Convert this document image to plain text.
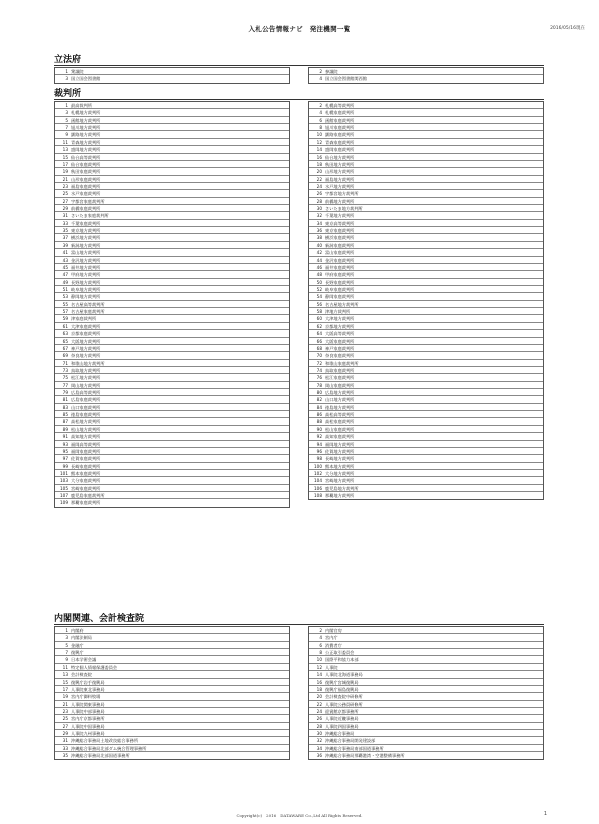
入札公告情報ナビ　発注機関一覧	2016/05/16現在
立法府
1 衆議院
3 国立国会図書館
2 参議院
4 国立国会図書館関西館
裁判所
1 最高裁判所
3 札幌地方裁判所
5 函館地方裁判所
7 旭川地方裁判所
9 釧路地方裁判所
11 青森地方裁判所
13 盛岡地方裁判所
15 仙台高等裁判所
17 仙台家庭裁判所
19 秋田家庭裁判所
21 山形家庭裁判所
23 福島家庭裁判所
25 水戸家庭裁判所
27 宇都宮家庭裁判所
29 前橋家庭裁判所
31 さいたま家庭裁判所
33 千葉家庭裁判所
35 東京地方裁判所
37 横浜地方裁判所
39 新潟地方裁判所
41 富山地方裁判所
43 金沢地方裁判所
45 福井地方裁判所
47 甲府地方裁判所
49 長野地方裁判所
51 岐阜地方裁判所
53 静岡地方裁判所
55 名古屋高等裁判所
57 名古屋家庭裁判所
59 津家庭裁判所
61 大津家庭裁判所
63 京都家庭裁判所
65 大阪地方裁判所
67 神戸地方裁判所
69 奈良地方裁判所
71 和歌山地方裁判所
73 鳥取地方裁判所
75 松江地方裁判所
77 岡山地方裁判所
79 広島高等裁判所
81 広島家庭裁判所
83 山口家庭裁判所
85 徳島家庭裁判所
87 高松地方裁判所
89 松山地方裁判所
91 高知地方裁判所
93 福岡高等裁判所
95 福岡家庭裁判所
97 佐賀家庭裁判所
99 長崎家庭裁判所
101 熊本家庭裁判所
103 大分家庭裁判所
105 宮崎家庭裁判所
107 鹿児島家庭裁判所
109 那覇家庭裁判所
2 札幌高等裁判所
4 札幌家庭裁判所
6 函館家庭裁判所
8 旭川家庭裁判所
10 釧路家庭裁判所
12 青森家庭裁判所
14 盛岡家庭裁判所
16 仙台地方裁判所
18 秋田地方裁判所
20 山形地方裁判所
22 福島地方裁判所
24 水戸地方裁判所
26 宇都宮地方裁判所
28 前橋地方裁判所
30 さいたま地方裁判所
32 千葉地方裁判所
34 東京高等裁判所
36 東京家庭裁判所
38 横浜家庭裁判所
40 新潟家庭裁判所
42 富山家庭裁判所
44 金沢家庭裁判所
46 福井家庭裁判所
48 甲府家庭裁判所
50 長野家庭裁判所
52 岐阜家庭裁判所
54 静岡家庭裁判所
56 名古屋地方裁判所
58 津地方裁判所
60 大津地方裁判所
62 京都地方裁判所
64 大阪高等裁判所
66 大阪家庭裁判所
68 神戸家庭裁判所
70 奈良家庭裁判所
72 和歌山家庭裁判所
74 鳥取家庭裁判所
76 松江家庭裁判所
78 岡山家庭裁判所
80 広島地方裁判所
82 山口地方裁判所
84 徳島地方裁判所
86 高松高等裁判所
88 高松家庭裁判所
90 松山家庭裁判所
92 高知家庭裁判所
94 福岡地方裁判所
96 佐賀地方裁判所
98 長崎地方裁判所
100 熊本地方裁判所
102 大分地方裁判所
104 宮崎地方裁判所
106 鹿児島地方裁判所
108 那覇地方裁判所
内閣関連、会計検査院
1 内閣府
3 内閣法制局
5 金融庁
7 復興庁
9 日本学術会議
11 特定個人情報保護委員会
13 会計検査院
15 復興庁岩手復興局
17 人事院東北事務局
19 宮内庁御料牧場
21 人事院関東事務局
23 人事院中部事務局
25 宮内庁京都事務所
27 人事院中国事務局
29 人事院九州事務局
31 沖縄総合事務局土地改良総合事務所
33 沖縄総合事務局北部ダム統合管理事務所
35 沖縄総合事務局北部国道事務所
2 内閣官房
4 宮内庁
6 消費者庁
8 公正取引委員会
10 国際平和協力本部
12 人事院
14 人事院北海道事務局
16 復興庁宮城復興局
18 復興庁福島復興局
20 会計検査院中研修所
22 人事院公務員研修所
24 迎賓館京都事務所
26 人事院近畿事務局
28 人事院四国事務局
30 沖縄総合事務局
32 沖縄総合事務局開発建設部
34 沖縄総合事務局南部国道事務所
36 沖縄総合事務局那覇港湾・空港整備事務所
Copyright(c)　2016　DATAWARE Co.,Ltd All Rights Reserved.	1
